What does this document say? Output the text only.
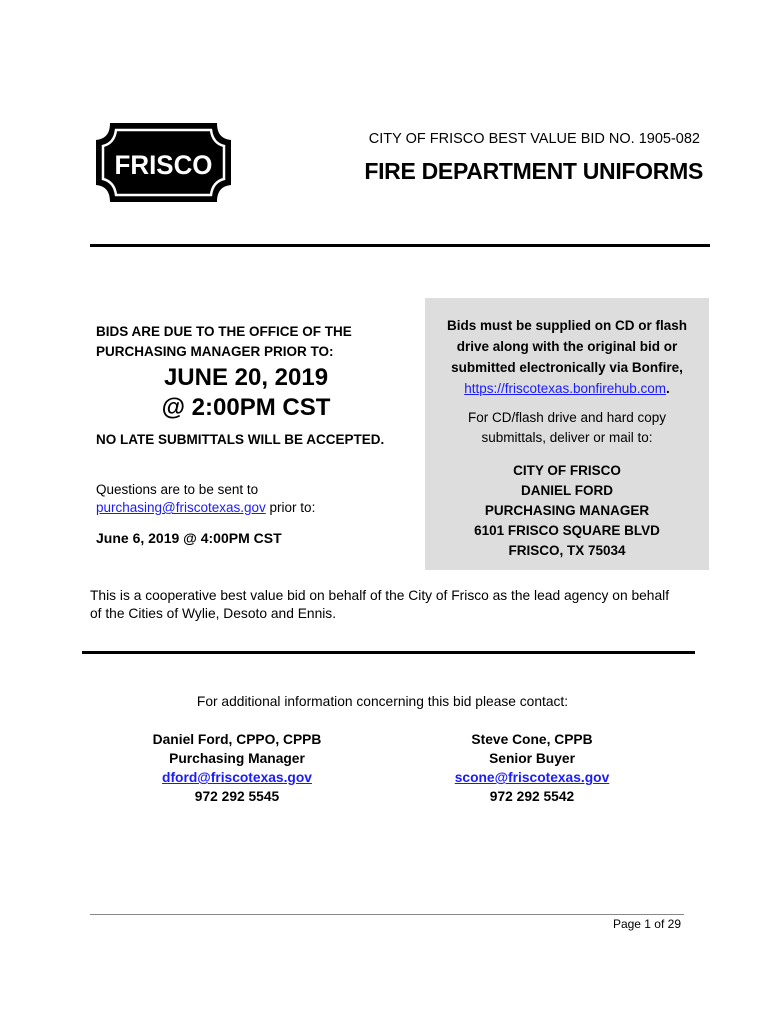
FRISCO
CITY OF FRISCO BEST VALUE BID NO. 1905-082
FIRE DEPARTMENT UNIFORMS
BIDS ARE DUE TO THE OFFICE OF THE
PURCHASING MANAGER PRIOR TO:
JUNE 20, 2019
@ 2:00PM CST
NO LATE SUBMITTALS WILL BE ACCEPTED.
Questions are to be sent to
purchasing@friscotexas.gov prior to:
June 6, 2019 @ 4:00PM CST
Bids must be supplied on CD or flash
drive along with the original bid or
submitted electronically via Bonfire,
https://friscotexas.bonfirehub.com.
For CD/flash drive and hard copy
submittals, deliver or mail to:
CITY OF FRISCO
DANIEL FORD
PURCHASING MANAGER
6101 FRISCO SQUARE BLVD
FRISCO, TX 75034
This is a cooperative best value bid on behalf of the City of Frisco as the lead agency on behalf
of the Cities of Wylie, Desoto and Ennis.
For additional information concerning this bid please contact:
Daniel Ford, CPPO, CPPB
Purchasing Manager
dford@friscotexas.gov
972 292 5545
Steve Cone, CPPB
Senior Buyer
scone@friscotexas.gov
972 292 5542
Page 1 of 29
